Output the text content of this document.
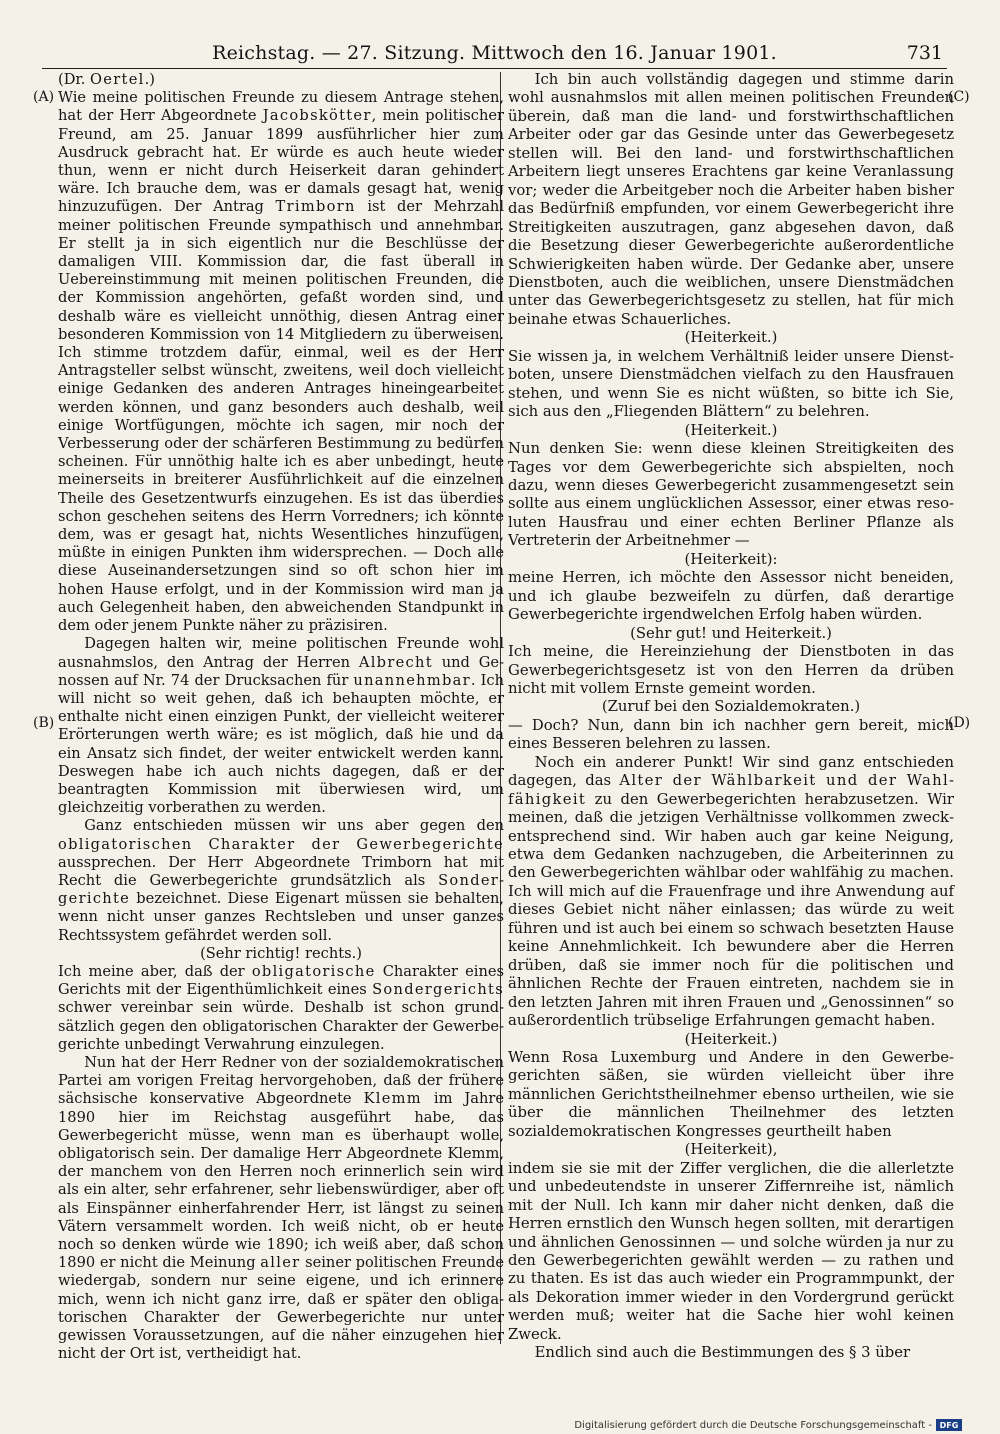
Reichstag. — 27. Sitzung. Mittwoch den 16. Januar 1901.	731
(A)
(B)
(C)
(D)

(Dr. Oertel.)

Wie meine politischen Freunde zu diesem Antrage stehen, hat der Herr Abgeordnete Jacobskötter, mein politischer Freund, am 25. Januar 1899 ausführlicher hier zum Ausdruck gebracht hat. Er würde es auch heute wieder thun, wenn er nicht durch Heiserkeit daran gehindert wäre. Ich brauche dem, was er damals gesagt hat, wenig hinzuzufügen. Der Antrag Trimborn ist der Mehrzahl meiner politischen Freunde sympathisch und annehmbar. Er stellt ja in sich eigentlich nur die Beschlüsse der damaligen VIII. Kommission dar, die fast überall in Uebereinstimmung mit meinen politischen Freunden, die der Kommission angehörten, gefaßt worden sind, und deshalb wäre es vielleicht unnöthig, diesen Antrag einer besonderen Kommission von 14 Mitgliedern zu überweisen. Ich stimme trotzdem dafür, einmal, weil es der Herr Antragsteller selbst wünscht, zweitens, weil doch vielleicht einige Gedanken des anderen Antrages hineingearbeitet werden können, und ganz besonders auch deshalb, weil einige Wortfügungen, möchte ich sagen, mir noch der Verbesserung oder der schärferen Bestimmung zu bedürfen scheinen. Für unnöthig halte ich es aber unbedingt, heute meinerseits in breiterer Ausführlichkeit auf die einzelnen Theile des Gesetzentwurfs einzugehen. Es ist das überdies schon geschehen seitens des Herrn Vorredners; ich könnte dem, was er gesagt hat, nichts Wesentliches hinzufügen, müßte in einigen Punkten ihm widersprechen. — Doch alle diese Auseinandersetzungen sind so oft schon hier im hohen Hause erfolgt, und in der Kommission wird man ja auch Gelegenheit haben, den abweichenden Standpunkt in dem oder jenem Punkte näher zu präzisiren.

Dagegen halten wir, meine politischen Freunde wohl ausnahmslos, den Antrag der Herren Albrecht und Genossen auf Nr. 74 der Drucksachen für unannehmbar. Ich will nicht so weit gehen, daß ich behaupten möchte, er enthalte nicht einen einzigen Punkt, der vielleicht weiterer Erörterungen werth wäre; es ist möglich, daß hie und da ein Ansatz sich findet, der weiter entwickelt werden kann. Deswegen habe ich auch nichts dagegen, daß er der beantragten Kommission mit überwiesen wird, um gleichzeitig vorberathen zu werden.

Ganz entschieden müssen wir uns aber gegen den obligatorischen Charakter der Gewerbegerichte aussprechen. Der Herr Abgeordnete Trimborn hat mit Recht die Gewerbegerichte grundsätzlich als Sondergerichte bezeichnet. Diese Eigenart müssen sie behalten, wenn nicht unser ganzes Rechtsleben und unser ganzes Rechtssystem gefährdet werden soll.

(Sehr richtig! rechts.)

Ich meine aber, daß der obligatorische Charakter eines Gerichts mit der Eigenthümlichkeit eines Sondergerichts schwer vereinbar sein würde. Deshalb ist schon grundsätzlich gegen den obligatorischen Charakter der Gewerbegerichte unbedingt Verwahrung einzulegen.

Nun hat der Herr Redner von der sozialdemokratischen Partei am vorigen Freitag hervorgehoben, daß der frühere sächsische konservative Abgeordnete Klemm im Jahre 1890 hier im Reichstag ausgeführt habe, das Gewerbegericht müsse, wenn man es überhaupt wolle, obligatorisch sein. Der damalige Herr Abgeordnete Klemm, der manchem von den Herren noch erinnerlich sein wird als ein alter, sehr erfahrener, sehr liebenswürdiger, aber oft als Einspänner einherfahrender Herr, ist längst zu seinen Vätern versammelt worden. Ich weiß nicht, ob er heute noch so denken würde wie 1890; ich weiß aber, daß schon 1890 er nicht die Meinung aller seiner politischen Freunde wiedergab, sondern nur seine eigene, und ich erinnere mich, wenn ich nicht ganz irre, daß er später den obligatorischen Charakter der Gewerbegerichte nur unter gewissen Voraussetzungen, auf die näher einzugehen hier nicht der Ort ist, vertheidigt hat.

Ich bin auch vollständig dagegen und stimme darin wohl ausnahmslos mit allen meinen politischen Freunden überein, daß man die land- und forstwirthschaftlichen Arbeiter oder gar das Gesinde unter das Gewerbegesetz stellen will. Bei den land- und forstwirthschaftlichen Arbeitern liegt unseres Erachtens gar keine Veranlassung vor; weder die Arbeitgeber noch die Arbeiter haben bisher das Bedürfniß empfunden, vor einem Gewerbegericht ihre Streitigkeiten auszutragen, ganz abgesehen davon, daß die Besetzung dieser Gewerbegerichte außerordentliche Schwierigkeiten haben würde. Der Gedanke aber, unsere Dienstboten, auch die weiblichen, unsere Dienstmädchen unter das Gewerbegerichtsgesetz zu stellen, hat für mich beinahe etwas Schauerliches.

(Heiterkeit.)

Sie wissen ja, in welchem Verhältniß leider unsere Dienstboten, unsere Dienstmädchen vielfach zu den Hausfrauen stehen, und wenn Sie es nicht wüßten, so bitte ich Sie, sich aus den „Fliegenden Blättern“ zu belehren.

(Heiterkeit.)

Nun denken Sie: wenn diese kleinen Streitigkeiten des Tages vor dem Gewerbegerichte sich abspielten, noch dazu, wenn dieses Gewerbegericht zusammengesetzt sein sollte aus einem unglücklichen Assessor, einer etwas resoluten Hausfrau und einer echten Berliner Pflanze als Vertreterin der Arbeitnehmer —

(Heiterkeit):

meine Herren, ich möchte den Assessor nicht beneiden, und ich glaube bezweifeln zu dürfen, daß derartige Gewerbegerichte irgendwelchen Erfolg haben würden.

(Sehr gut! und Heiterkeit.)

Ich meine, die Hereinziehung der Dienstboten in das Gewerbegerichtsgesetz ist von den Herren da drüben nicht mit vollem Ernste gemeint worden.

(Zuruf bei den Sozialdemokraten.)

— Doch? Nun, dann bin ich nachher gern bereit, mich eines Besseren belehren zu lassen.

Noch ein anderer Punkt! Wir sind ganz entschieden dagegen, das Alter der Wählbarkeit und der Wahlfähigkeit zu den Gewerbegerichten herabzusetzen. Wir meinen, daß die jetzigen Verhältnisse vollkommen zweckentsprechend sind. Wir haben auch gar keine Neigung, etwa dem Gedanken nachzugeben, die Arbeiterinnen zu den Gewerbegerichten wählbar oder wahlfähig zu machen. Ich will mich auf die Frauenfrage und ihre Anwendung auf dieses Gebiet nicht näher einlassen; das würde zu weit führen und ist auch bei einem so schwach besetzten Hause keine Annehmlichkeit. Ich bewundere aber die Herren drüben, daß sie immer noch für die politischen und ähnlichen Rechte der Frauen eintreten, nachdem sie in den letzten Jahren mit ihren Frauen und „Genossinnen“ so außerordentlich trübselige Erfahrungen gemacht haben.

(Heiterkeit.)

Wenn Rosa Luxemburg und Andere in den Gewerbegerichten säßen, sie würden vielleicht über ihre männlichen Gerichtstheilnehmer ebenso urtheilen, wie sie über die männlichen Theilnehmer des letzten sozialdemokratischen Kongresses geurtheilt haben

(Heiterkeit),

indem sie sie mit der Ziffer verglichen, die die allerletzte und unbedeutendste in unserer Ziffernreihe ist, nämlich mit der Null. Ich kann mir daher nicht denken, daß die Herren ernstlich den Wunsch hegen sollten, mit derartigen und ähnlichen Genossinnen — und solche würden ja nur zu den Gewerbegerichten gewählt werden — zu rathen und zu thaten. Es ist das auch wieder ein Programmpunkt, der als Dekoration immer wieder in den Vordergrund gerückt werden muß; weiter hat die Sache hier wohl keinen Zweck.

Endlich sind auch die Bestimmungen des § 3 über

Digitalisierung gefördert durch die Deutsche Forschungsgemeinschaft - DFG
